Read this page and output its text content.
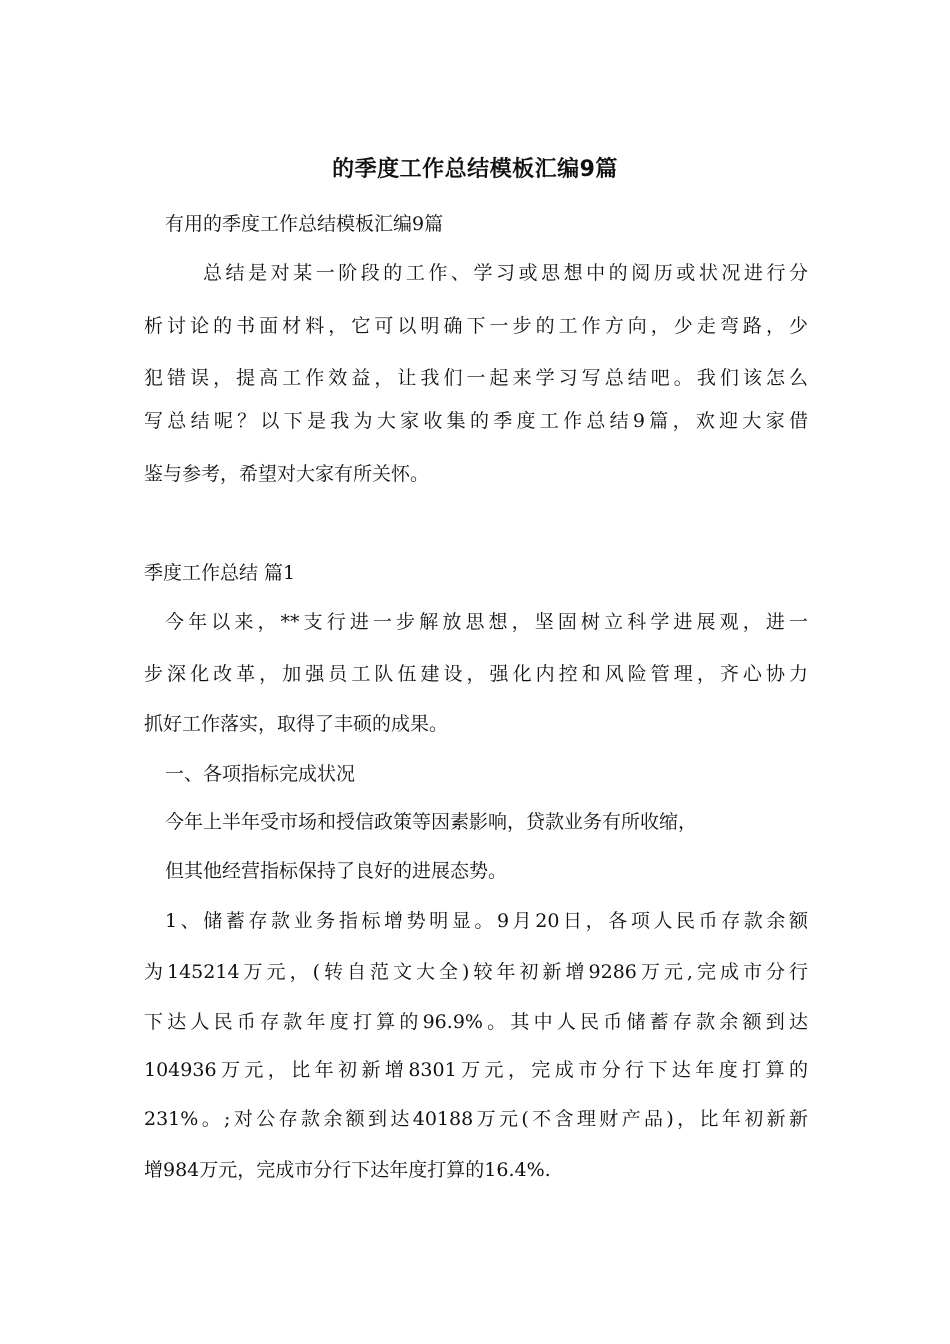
的季度工作总结模板汇编9篇
有用的季度工作总结模板汇编9篇
总结是对某一阶段的工作、学习或思想中的阅历或状况进行分
析讨论的书面材料，它可以明确下一步的工作方向，少走弯路，少
犯错误，提高工作效益，让我们一起来学习写总结吧。我们该怎么
写总结呢？以下是我为大家收集的季度工作总结9篇，欢迎大家借
鉴与参考，希望对大家有所关怀。
季度工作总结 篇1
今年以来，**支行进一步解放思想，坚固树立科学进展观，进一
步深化改革，加强员工队伍建设，强化内控和风险管理，齐心协力
抓好工作落实，取得了丰硕的成果。
一、各项指标完成状况
今年上半年受市场和授信政策等因素影响，贷款业务有所收缩，
但其他经营指标保持了良好的进展态势。
1、储蓄存款业务指标增势明显。9月20日，各项人民币存款余额
为145214万元，(转自范文大全)较年初新增9286万元,完成市分行
下达人民币存款年度打算的96.9%。其中人民币储蓄存款余额到达
104936万元，比年初新增8301万元，完成市分行下达年度打算的
231%。;对公存款余额到达40188万元(不含理财产品)，比年初新新
增984万元，完成市分行下达年度打算的16.4%.
